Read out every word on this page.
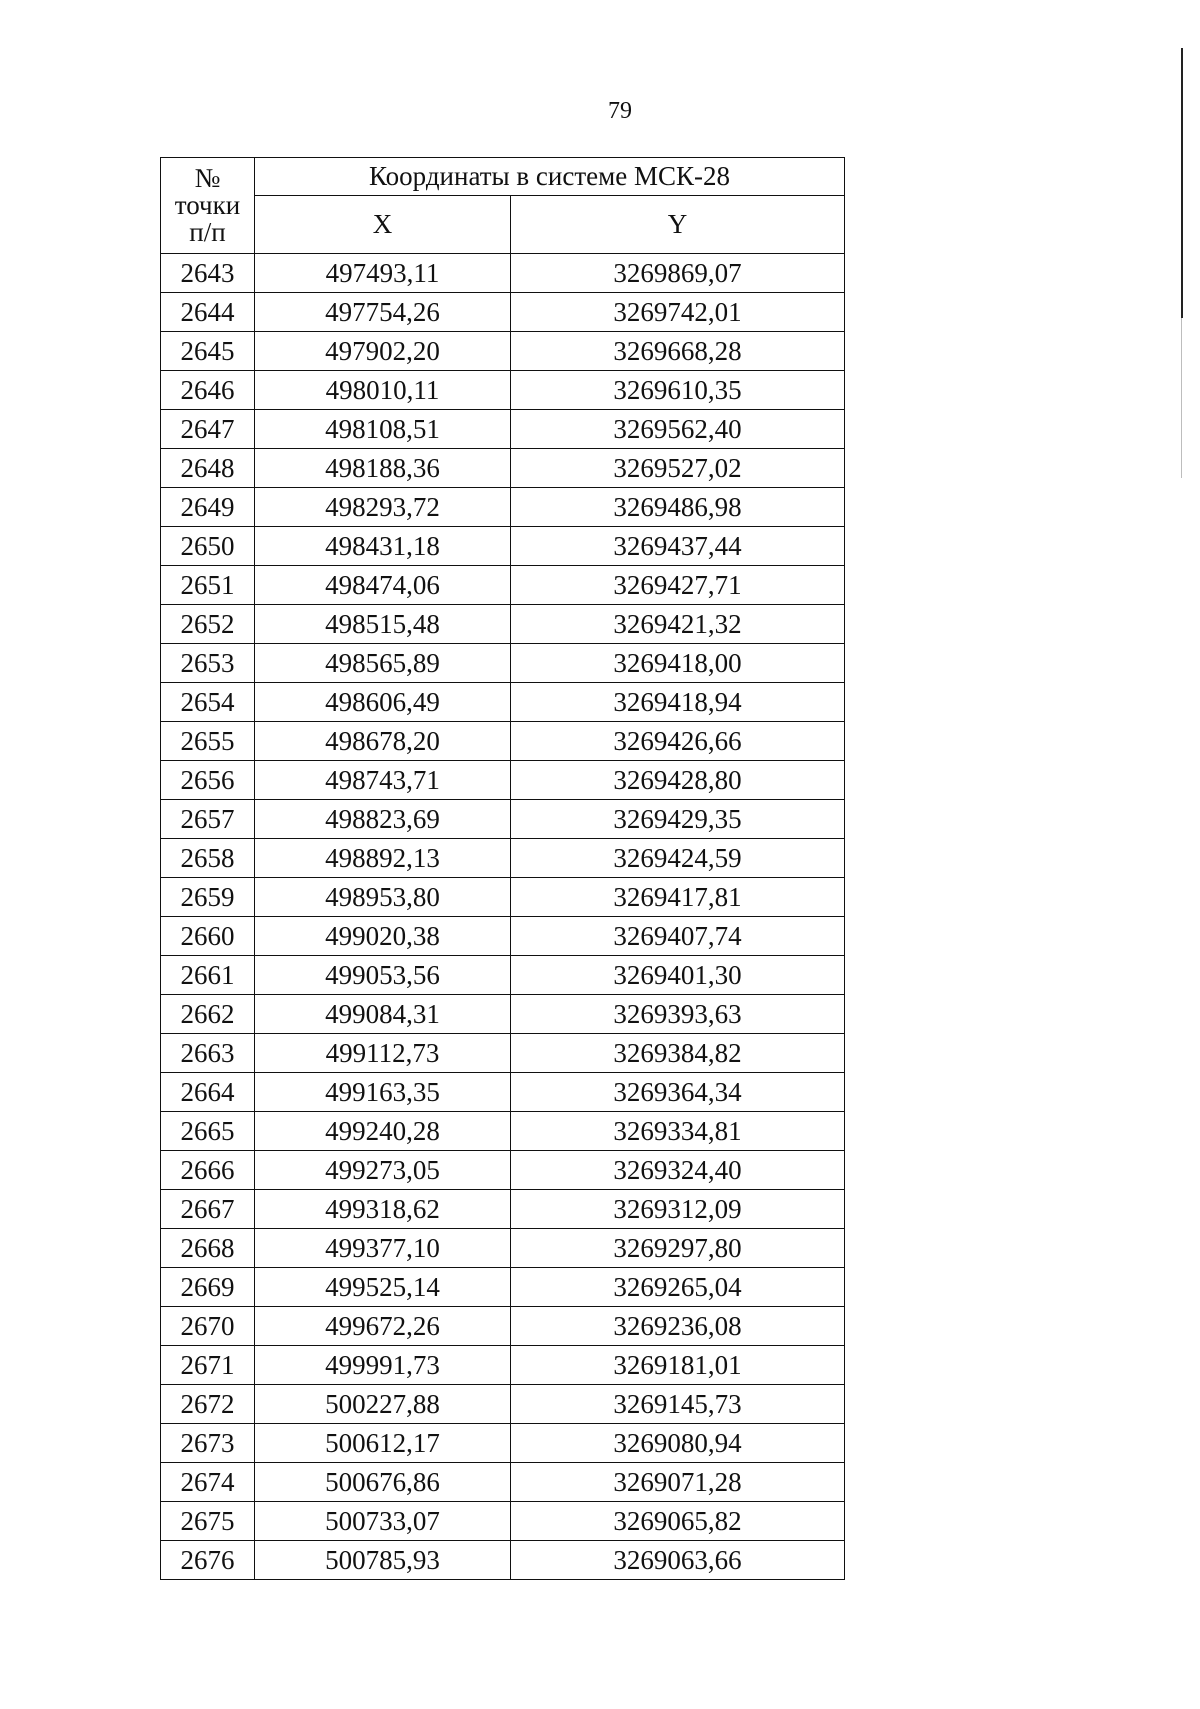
79
№
точки
п/п	Координаты в системе МСК-28	
	X	Y
2643	497493,11	3269869,07
2644	497754,26	3269742,01
2645	497902,20	3269668,28
2646	498010,11	3269610,35
2647	498108,51	3269562,40
2648	498188,36	3269527,02
2649	498293,72	3269486,98
2650	498431,18	3269437,44
2651	498474,06	3269427,71
2652	498515,48	3269421,32
2653	498565,89	3269418,00
2654	498606,49	3269418,94
2655	498678,20	3269426,66
2656	498743,71	3269428,80
2657	498823,69	3269429,35
2658	498892,13	3269424,59
2659	498953,80	3269417,81
2660	499020,38	3269407,74
2661	499053,56	3269401,30
2662	499084,31	3269393,63
2663	499112,73	3269384,82
2664	499163,35	3269364,34
2665	499240,28	3269334,81
2666	499273,05	3269324,40
2667	499318,62	3269312,09
2668	499377,10	3269297,80
2669	499525,14	3269265,04
2670	499672,26	3269236,08
2671	499991,73	3269181,01
2672	500227,88	3269145,73
2673	500612,17	3269080,94
2674	500676,86	3269071,28
2675	500733,07	3269065,82
2676	500785,93	3269063,66
